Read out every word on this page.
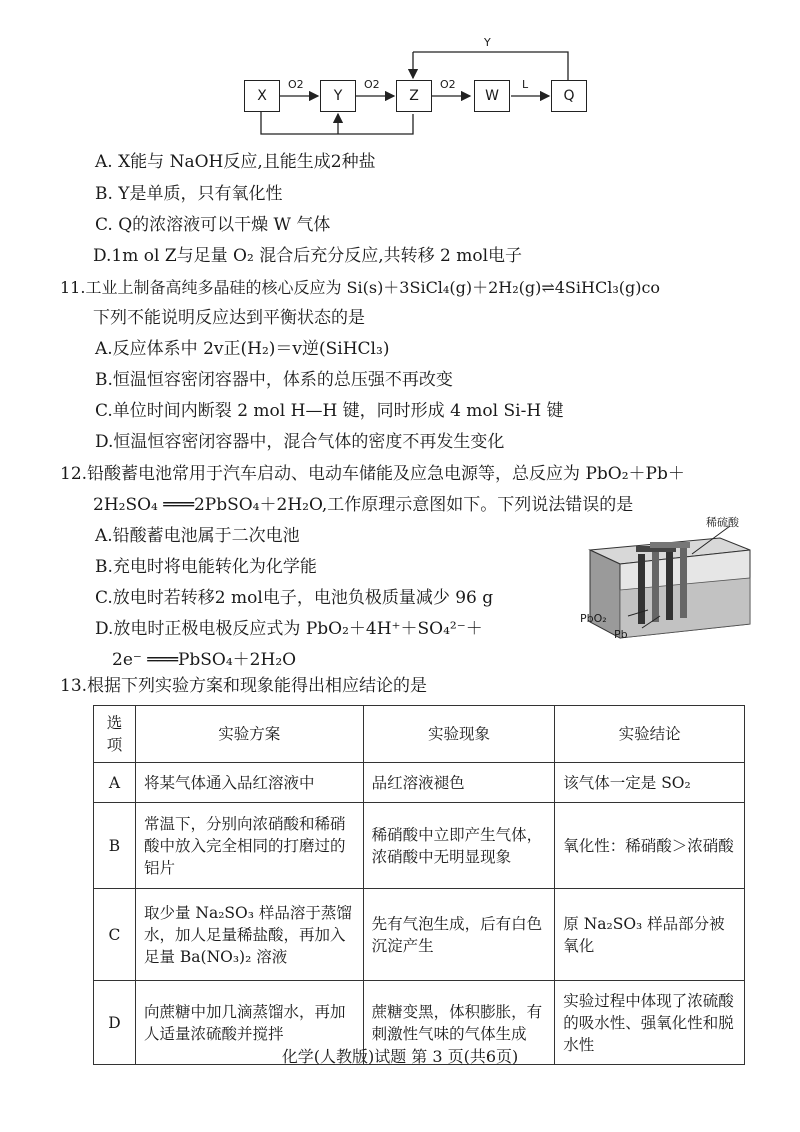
X	Y	Z	W	Q
O2	O2	O2	L
Y
A. X能与 NaOH反应,且能生成2种盐
B. Y是单质，只有氧化性
C. Q的浓溶液可以干燥 W 气体
D.1m ol Z与足量 O₂ 混合后充分反应,共转移 2 mol电子
11.工业上制备高纯多晶硅的核心反应为 Si(s)＋3SiCl₄(g)＋2H₂(g)⇌4SiHCl₃(g)co
下列不能说明反应达到平衡状态的是
A.反应体系中 2v正(H₂)＝v逆(SiHCl₃)
B.恒温恒容密闭容器中，体系的总压强不再改变
C.单位时间内断裂 2 mol H—H 键，同时形成 4 mol Si-H 键
D.恒温恒容密闭容器中，混合气体的密度不再发生变化
12.铅酸蓄电池常用于汽车启动、电动车储能及应急电源等，总反应为 PbO₂＋Pb＋
2H₂SO₄ ═══2PbSO₄＋2H₂O,工作原理示意图如下。下列说法错误的是
A.铅酸蓄电池属于二次电池
B.充电时将电能转化为化学能
C.放电时若转移2 mol电子，电池负极质量减少 96 g
D.放电时正极电极反应式为 PbO₂＋4H⁺＋SO₄²⁻＋
2e⁻ ═══PbSO₄＋2H₂O
稀硫酸
PbO₂
Pb
13.根据下列实验方案和现象能得出相应结论的是
选项	实验方案	实验现象	实验结论
A	将某气体通入品红溶液中	品红溶液褪色	该气体一定是 SO₂
B	常温下，分别向浓硝酸和稀硝酸中放入完全相同的打磨过的铝片	稀硝酸中立即产生气体，浓硝酸中无明显现象	氧化性：稀硝酸＞浓硝酸
C	取少量 Na₂SO₃ 样品溶于蒸馏水，加人足量稀盐酸，再加入足量 Ba(NO₃)₂ 溶液	先有气泡生成，后有白色沉淀产生	原 Na₂SO₃ 样品部分被氧化
D	向蔗糖中加几滴蒸馏水，再加人适量浓硫酸并搅拌	蔗糖变黑，体积膨胀，有刺激性气味的气体生成	实验过程中体现了浓硫酸的吸水性、强氧化性和脱水性
化学(人教版)试题 第 3 页(共6页)
